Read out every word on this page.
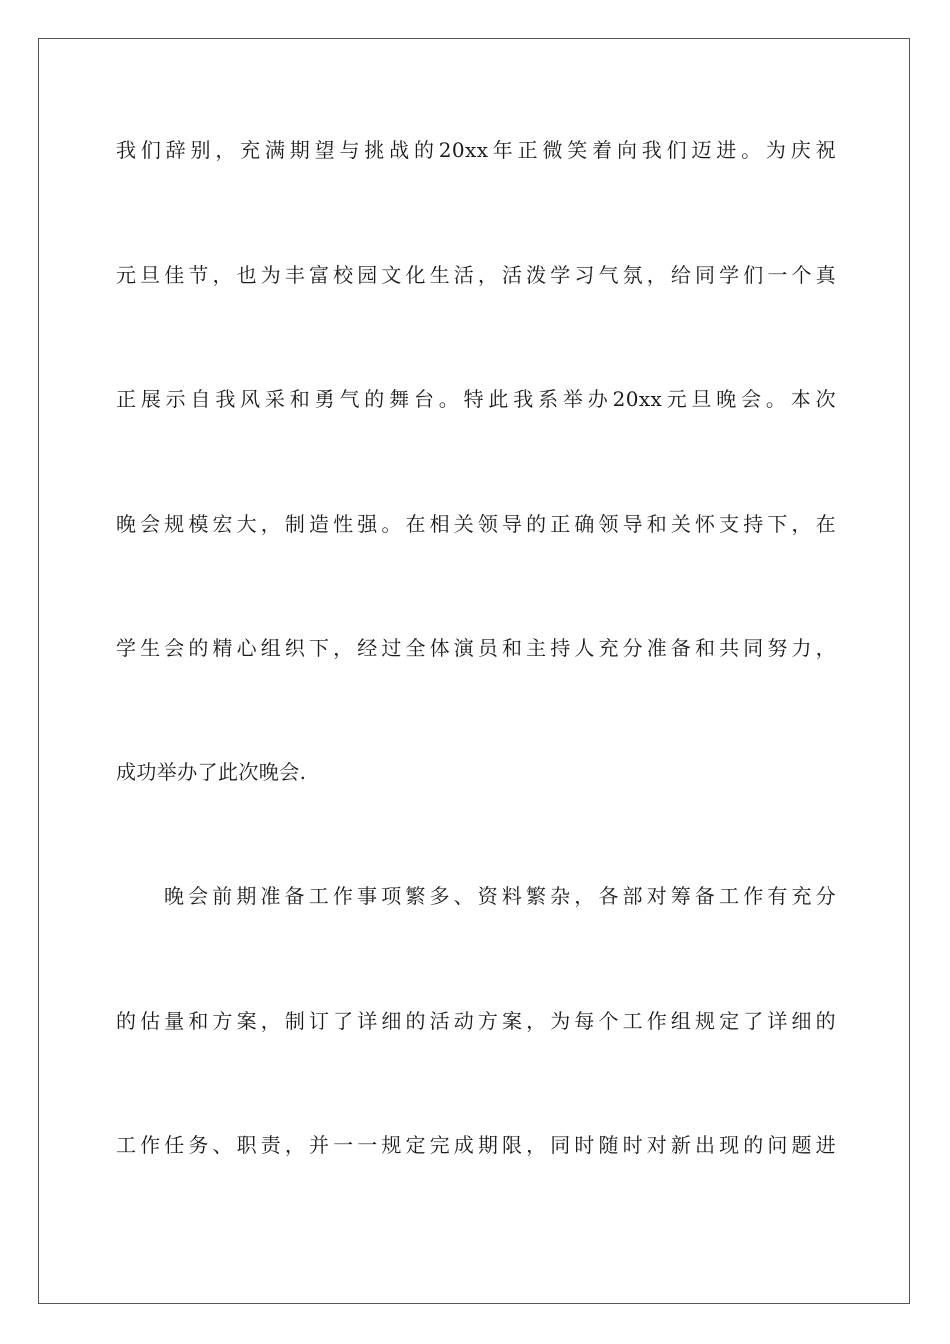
我们辞别，充满期望与挑战的20xx年正微笑着向我们迈进。为庆祝
元旦佳节，也为丰富校园文化生活，活泼学习气氛，给同学们一个真
正展示自我风采和勇气的舞台。特此我系举办20xx元旦晚会。本次
晚会规模宏大，制造性强。在相关领导的正确领导和关怀支持下，在
学生会的精心组织下，经过全体演员和主持人充分准备和共同努力，
成功举办了此次晚会.
晚会前期准备工作事项繁多、资料繁杂，各部对筹备工作有充分
的估量和方案，制订了详细的活动方案，为每个工作组规定了详细的
工作任务、职责，并一一规定完成期限，同时随时对新出现的问题进
